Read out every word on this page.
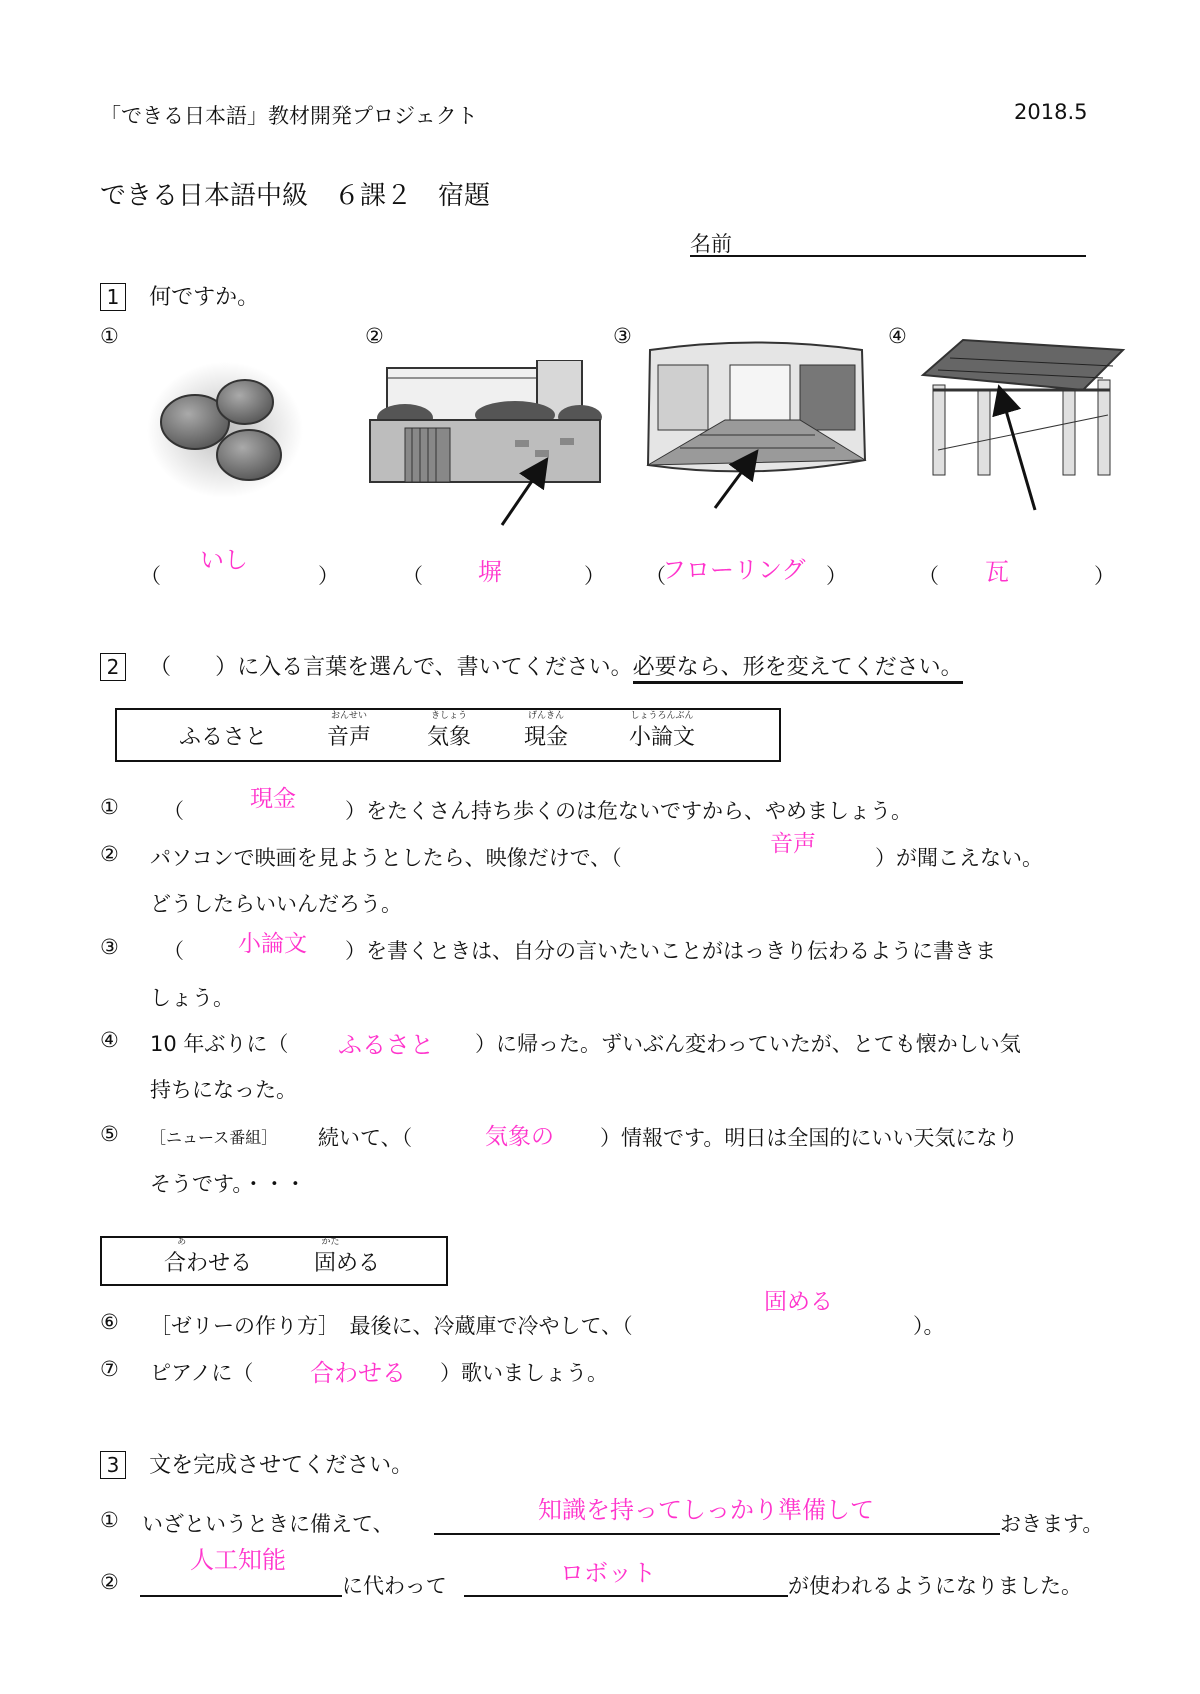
「できる日本語」教材開発プロジェクト	2018.5
できる日本語中級　６課２　宿題
名前
1 何ですか。
①	②	③	④
（
いし
）	（ 塀	） （
フローリング ）	（ 瓦	）
2 （　　）に入る言葉を選んで、書いてください。必要なら、形を変えてください。
ふるさと
おんせい
音声
きしょう
気象
げんきん
現金
しょうろんぶん
小論文
① （	現金 ）をたくさん持ち歩くのは危ないですから、やめましょう。
② パソコンで映画を見ようとしたら、映像だけで、（
音声
）が聞こえない。
どうしたらいいんだろう。
③ （ 小論文 ）を書くときは、自分の言いたいことがはっきり伝わるように書きま
しょう。
④ 10 年ぶりに（ ふるさと ）に帰った。ずいぶん変わっていたが、とても懐かしい気
持ちになった。
⑤ ［ニュース番組］ 続いて、（	気象の ）情報です。明日は全国的にいい天気になり
そうです。・・・
あ
合わせる
かた
固める
⑥ ［ゼリーの作り方］　最後に、冷蔵庫で冷やして、（
固める
）。
⑦ ピアノに（ 合わせる ）歌いましょう。
3 文を完成させてください。
① いざというときに備えて、	知識を持ってしっかり準備して	おきます。
②
人工知能
に代わって	ロボット	が使われるようになりました。
